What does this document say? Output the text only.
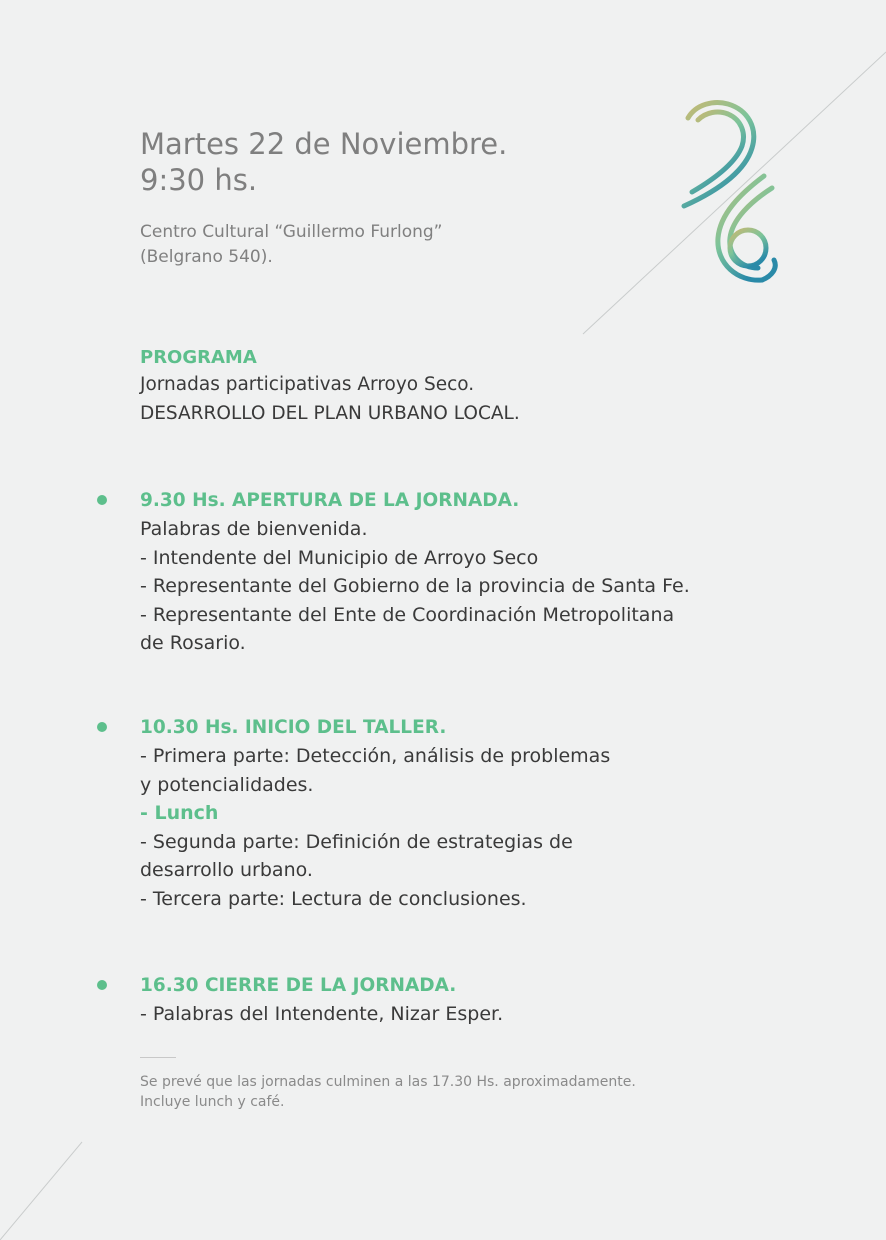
Martes 22 de Noviembre.
9:30 hs.
Centro Cultural “Guillermo Furlong”
(Belgrano 540).
PROGRAMA
Jornadas participativas Arroyo Seco.
DESARROLLO DEL PLAN URBANO LOCAL.
9.30 Hs. APERTURA DE LA JORNADA.
Palabras de bienvenida.
- Intendente del Municipio de Arroyo Seco
- Representante del Gobierno de la provincia de Santa Fe.
- Representante del Ente de Coordinación Metropolitana
de Rosario.
10.30 Hs. INICIO DEL TALLER.
- Primera parte: Detección, análisis de problemas
y potencialidades.
- Lunch
- Segunda parte: Definición de estrategias de
desarrollo urbano.
- Tercera parte: Lectura de conclusiones.
16.30 CIERRE DE LA JORNADA.
- Palabras del Intendente, Nizar Esper.
Se prevé que las jornadas culminen a las 17.30 Hs. aproximadamente.
Incluye lunch y café.
